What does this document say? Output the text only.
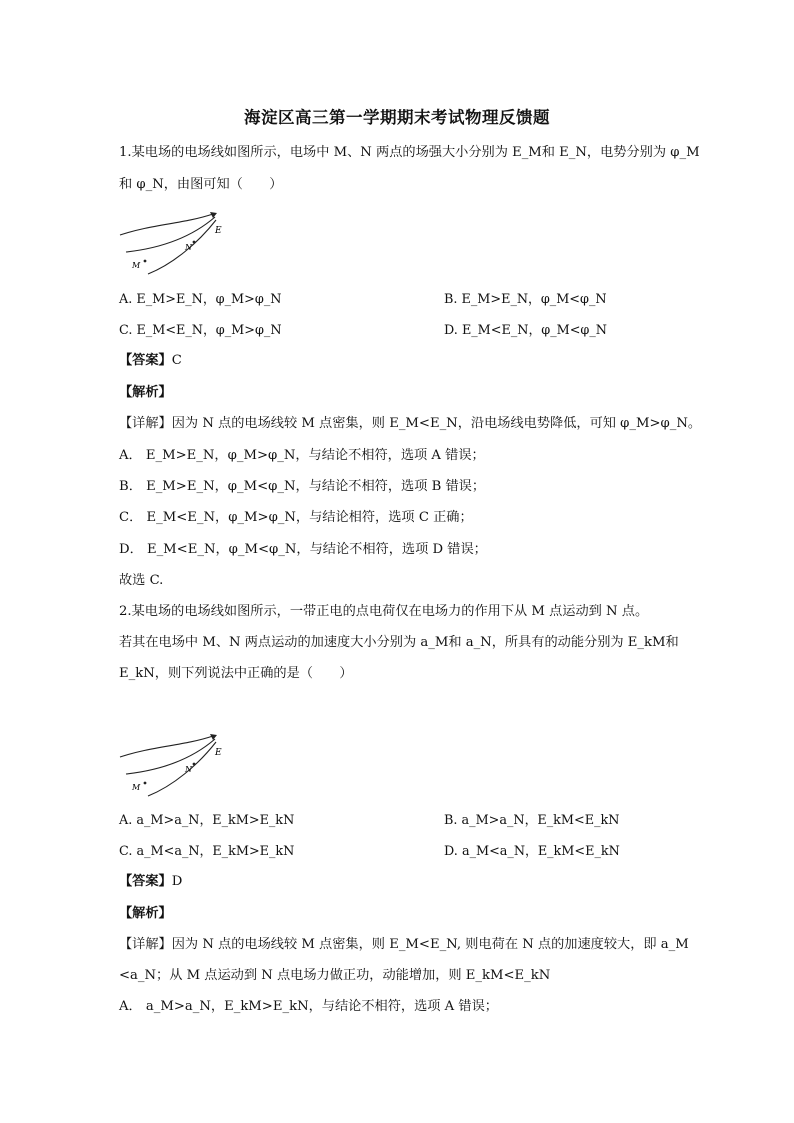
海淀区高三第一学期期末考试物理反馈题
1.某电场的电场线如图所示，电场中 M、N 两点的场强大小分别为 E_M和 E_N，电势分别为 φ_M
和 φ_N，由图可知（　　）
E
N
M
A. E_M>E_N，φ_M>φ_N	B. E_M>E_N，φ_M<φ_N
C. E_M<E_N，φ_M>φ_N	D. E_M<E_N，φ_M<φ_N
【答案】C
【解析】
【详解】因为 N 点的电场线较 M 点密集，则 E_M<E_N，沿电场线电势降低，可知 φ_M>φ_N。
A． E_M>E_N，φ_M>φ_N，与结论不相符，选项 A 错误；
B． E_M>E_N，φ_M<φ_N，与结论不相符，选项 B 错误；
C． E_M<E_N，φ_M>φ_N，与结论相符，选项 C 正确；
D． E_M<E_N，φ_M<φ_N，与结论不相符，选项 D 错误；
故选 C.
2.某电场的电场线如图所示，一带正电的点电荷仅在电场力的作用下从 M 点运动到 N 点。
若其在电场中 M、N 两点运动的加速度大小分别为 a_M和 a_N，所具有的动能分别为 E_kM和
E_kN，则下列说法中正确的是（　　）
E
N
M
A. a_M>a_N，E_kM>E_kN	B. a_M>a_N，E_kM<E_kN
C. a_M<a_N，E_kM>E_kN	D. a_M<a_N，E_kM<E_kN
【答案】D
【解析】
【详解】因为 N 点的电场线较 M 点密集，则 E_M<E_N, 则电荷在 N 点的加速度较大，即 a_M
<a_N；从 M 点运动到 N 点电场力做正功，动能增加，则 E_kM<E_kN
A． a_M>a_N，E_kM>E_kN，与结论不相符，选项 A 错误；
